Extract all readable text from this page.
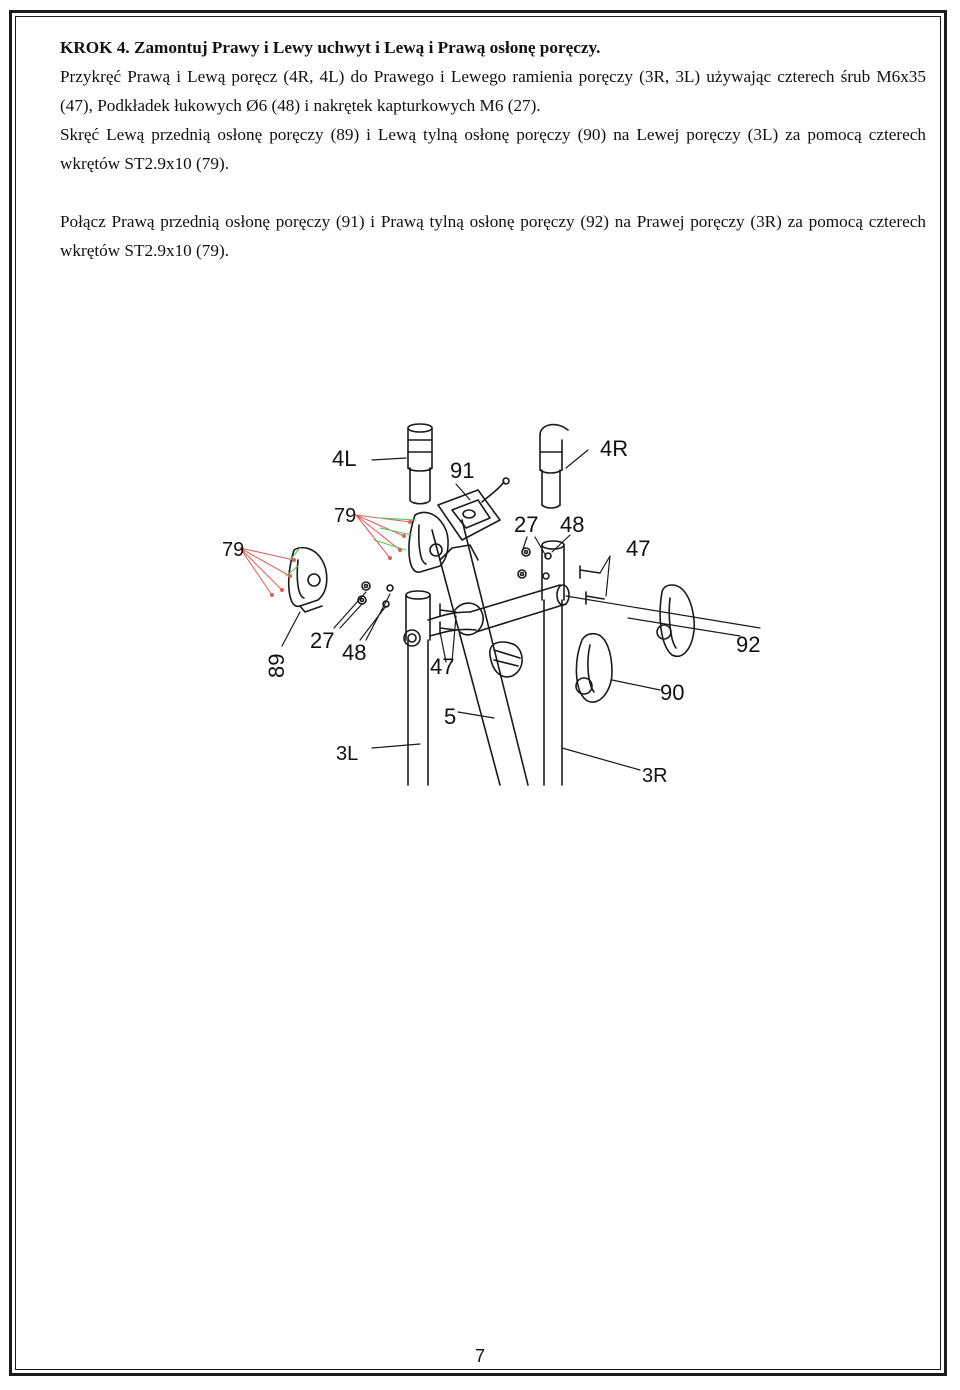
KROK 4. Zamontuj Prawy i Lewy uchwyt i Lewą i Prawą osłonę poręczy.

Przykręć Prawą i Lewą poręcz (4R, 4L) do Prawego i Lewego ramienia poręczy (3R, 3L) używając czterech śrub M6x35 (47), Podkładek łukowych Ø6 (48) i nakrętek kapturkowych M6 (27).

Skręć Lewą przednią osłonę poręczy (89) i Lewą tylną osłonę poręczy (90) na Lewej poręczy (3L) za pomocą czterech wkrętów ST2.9x10 (79).

Połącz Prawą przednią osłonę poręczy (91) i Prawą tylną osłonę poręczy (92) na Prawej poręczy (3R) za pomocą czterech wkrętów ST2.9x10 (79).

4L	4R
91
79
79
27 48
47
27 48
47
92
90
89
5
3L
3R
7
